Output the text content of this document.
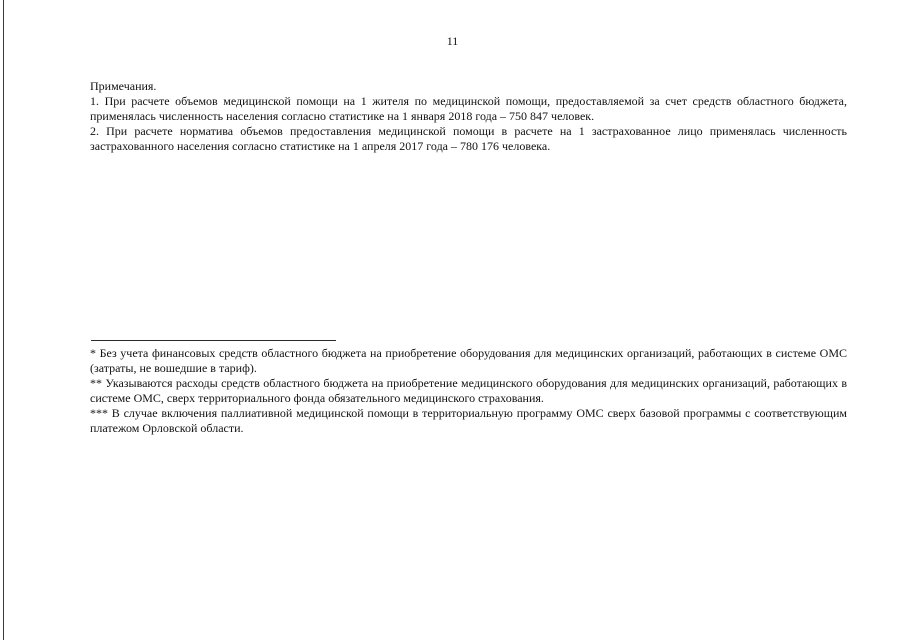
11

Примечания.

1. При расчете объемов медицинской помощи на 1 жителя по медицинской помощи, предоставляемой за счет средств областного бюджета, применялась численность населения согласно статистике на 1 января 2018 года – 750 847 человек.

2. При расчете норматива объемов предоставления медицинской помощи в расчете на 1 застрахованное лицо применялась численность застрахованного населения согласно статистике на 1 апреля 2017 года – 780 176 человека.

* Без учета финансовых средств областного бюджета на приобретение оборудования для медицинских организаций, работающих в системе ОМС (затраты, не вошедшие в тариф).

** Указываются расходы средств областного бюджета на приобретение медицинского оборудования для медицинских организаций, работающих в системе ОМС, сверх территориального фонда обязательного медицинского страхования.

*** В случае включения паллиативной медицинской помощи в территориальную программу ОМС сверх базовой программы с соответствующим платежом Орловской области.
